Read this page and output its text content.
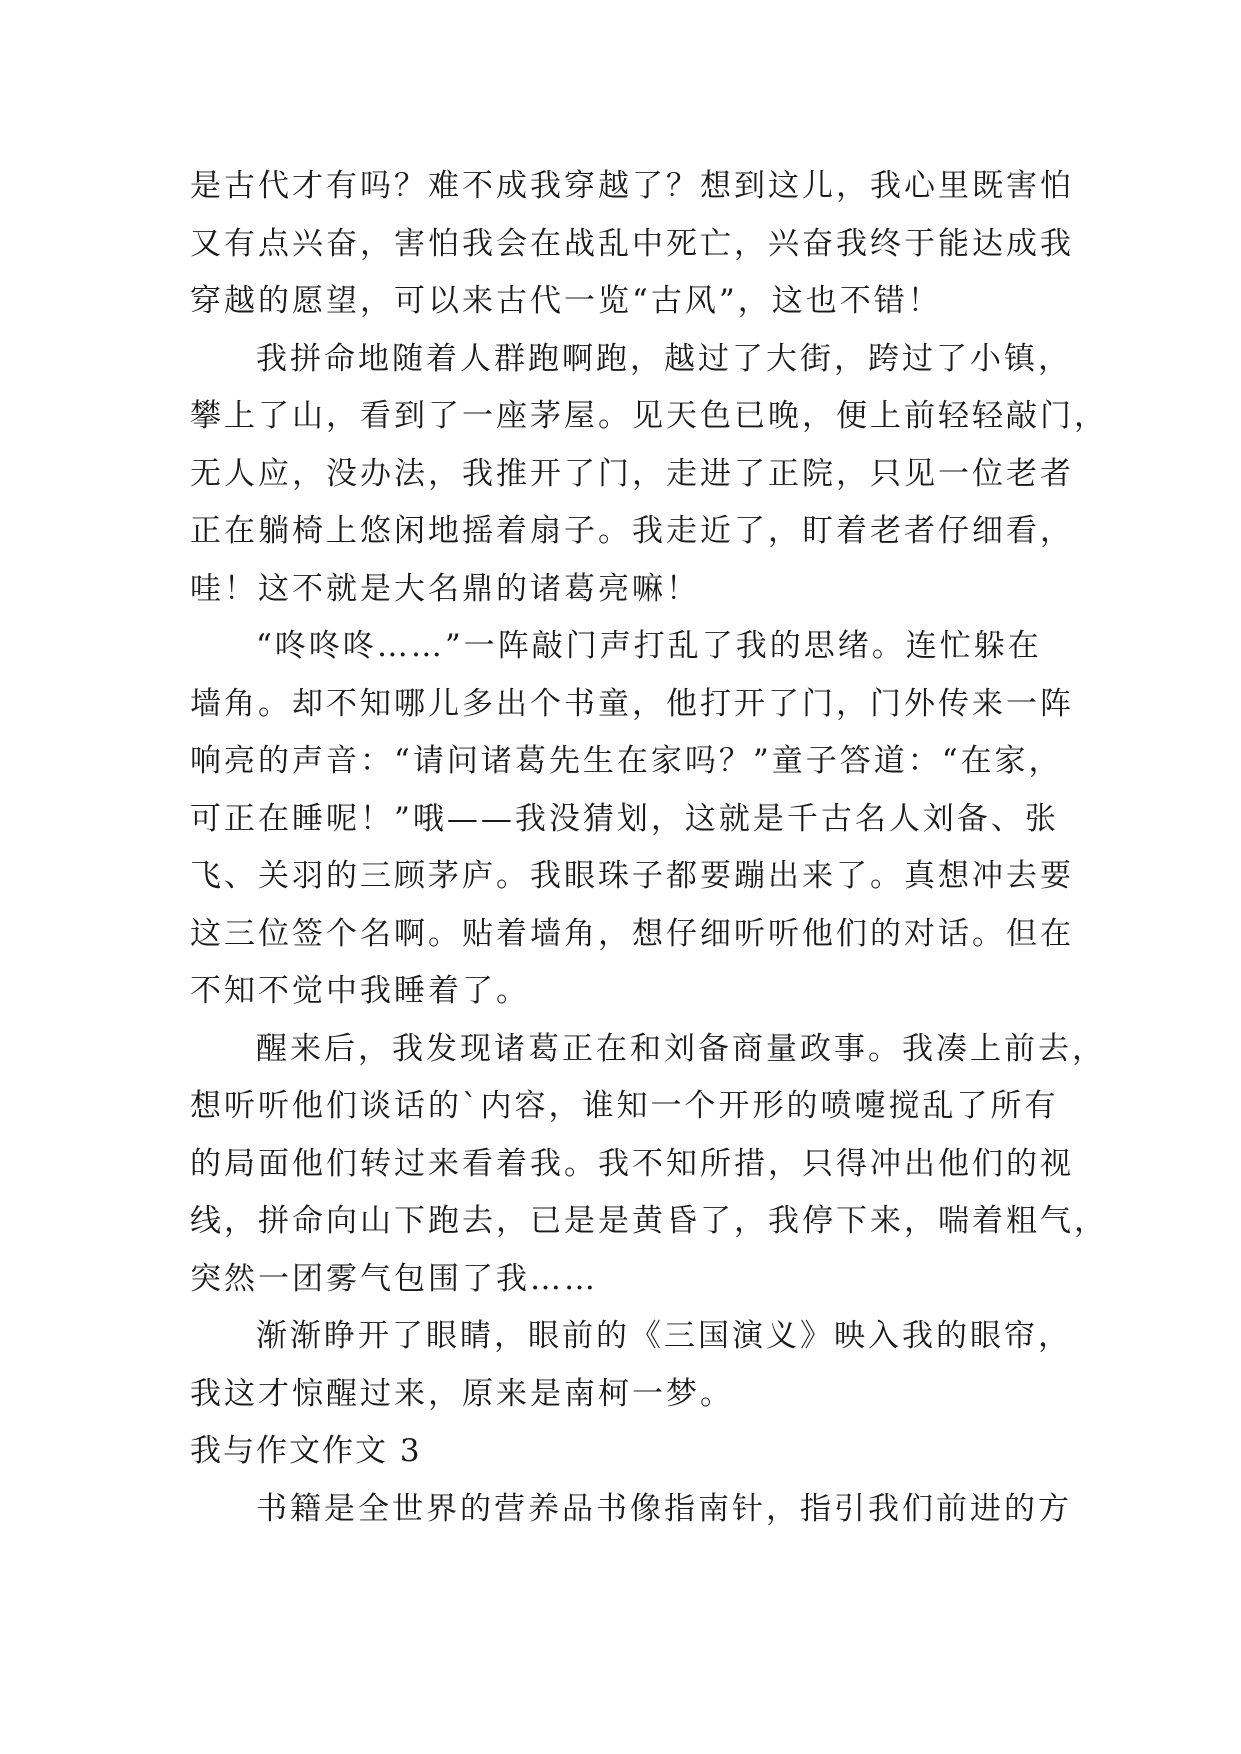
是古代才有吗？难不成我穿越了？想到这儿，我心里既害怕
又有点兴奋，害怕我会在战乱中死亡，兴奋我终于能达成我
穿越的愿望，可以来古代一览“古风”，这也不错！
我拼命地随着人群跑啊跑，越过了大街，跨过了小镇，
攀上了山，看到了一座茅屋。见天色已晚，便上前轻轻敲门，
无人应，没办法，我推开了门，走进了正院，只见一位老者
正在躺椅上悠闲地摇着扇子。我走近了，盯着老者仔细看，
哇！这不就是大名鼎的诸葛亮嘛！
“咚咚咚……”一阵敲门声打乱了我的思绪。连忙躲在
墙角。却不知哪儿多出个书童，他打开了门，门外传来一阵
响亮的声音：“请问诸葛先生在家吗？”童子答道：“在家，
可正在睡呢！”哦——我没猜划，这就是千古名人刘备、张
飞、关羽的三顾茅庐。我眼珠子都要蹦出来了。真想冲去要
这三位签个名啊。贴着墙角，想仔细听听他们的对话。但在
不知不觉中我睡着了。
醒来后，我发现诸葛正在和刘备商量政事。我凑上前去，
想听听他们谈话的`内容，谁知一个开形的喷嚏搅乱了所有
的局面他们转过来看着我。我不知所措，只得冲出他们的视
线，拼命向山下跑去，已是是黄昏了，我停下来，喘着粗气，
突然一团雾气包围了我……
渐渐睁开了眼睛，眼前的《三国演义》映入我的眼帘，
我这才惊醒过来，原来是南柯一梦。
我与作文作文 3
书籍是全世界的营养品书像指南针，指引我们前进的方
